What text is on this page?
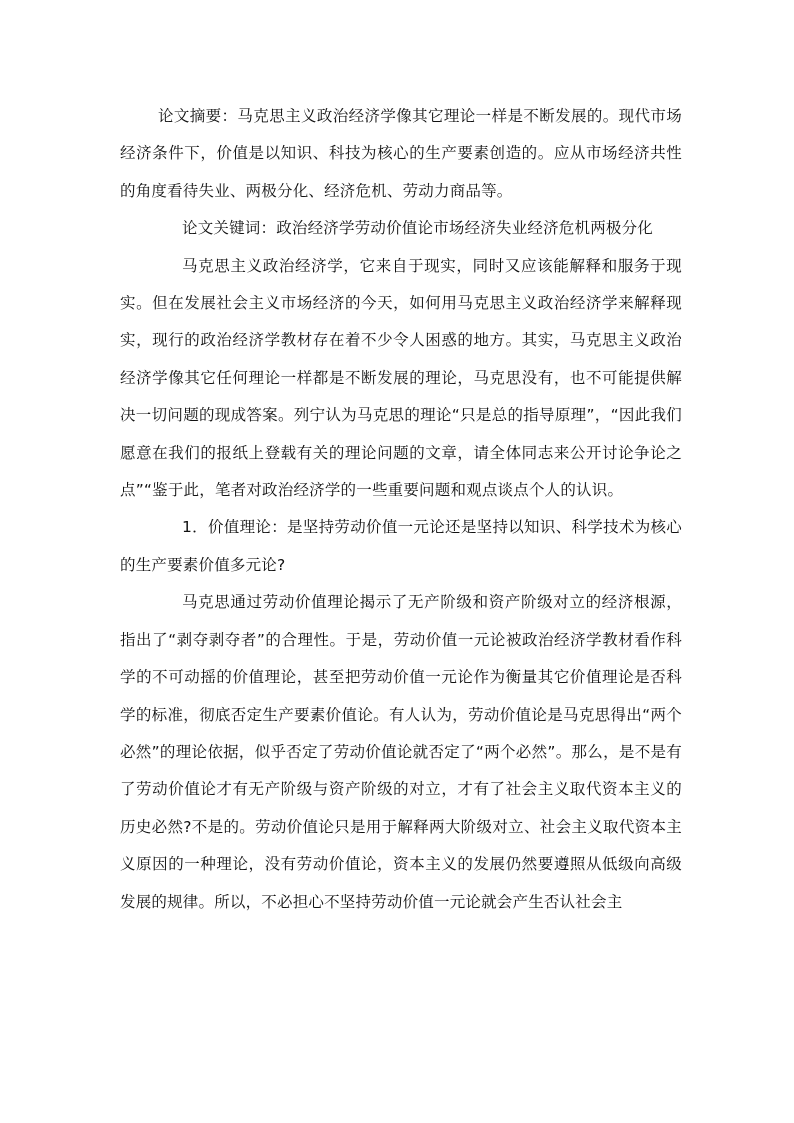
论文摘要：马克思主义政治经济学像其它理论一样是不断发展的。现代市场经济条件下，价值是以知识、科技为核心的生产要素创造的。应从市场经济共性的角度看待失业、两极分化、经济危机、劳动力商品等。

论文关键词：政治经济学劳动价值论市场经济失业经济危机两极分化

马克思主义政治经济学，它来自于现实，同时又应该能解释和服务于现实。但在发展社会主义市场经济的今天，如何用马克思主义政治经济学来解释现实，现行的政治经济学教材存在着不少令人困惑的地方。其实，马克思主义政治经济学像其它任何理论一样都是不断发展的理论，马克思没有，也不可能提供解决一切问题的现成答案。列宁认为马克思的理论“只是总的指导原理”，“因此我们愿意在我们的报纸上登载有关的理论问题的文章，请全体同志来公开讨论争论之点”“鉴于此，笔者对政治经济学的一些重要问题和观点谈点个人的认识。

1．价值理论：是坚持劳动价值一元论还是坚持以知识、科学技术为核心的生产要素价值多元论?

马克思通过劳动价值理论揭示了无产阶级和资产阶级对立的经济根源，指出了“剥夺剥夺者”的合理性。于是，劳动价值一元论被政治经济学教材看作科学的不可动摇的价值理论，甚至把劳动价值一元论作为衡量其它价值理论是否科学的标准，彻底否定生产要素价值论。有人认为，劳动价值论是马克思得出“两个必然”的理论依据，似乎否定了劳动价值论就否定了“两个必然”。那么，是不是有了劳动价值论才有无产阶级与资产阶级的对立，才有了社会主义取代资本主义的历史必然?不是的。劳动价值论只是用于解释两大阶级对立、社会主义取代资本主义原因的一种理论，没有劳动价值论，资本主义的发展仍然要遵照从低级向高级发展的规律。所以，不必担心不坚持劳动价值一元论就会产生否认社会主
